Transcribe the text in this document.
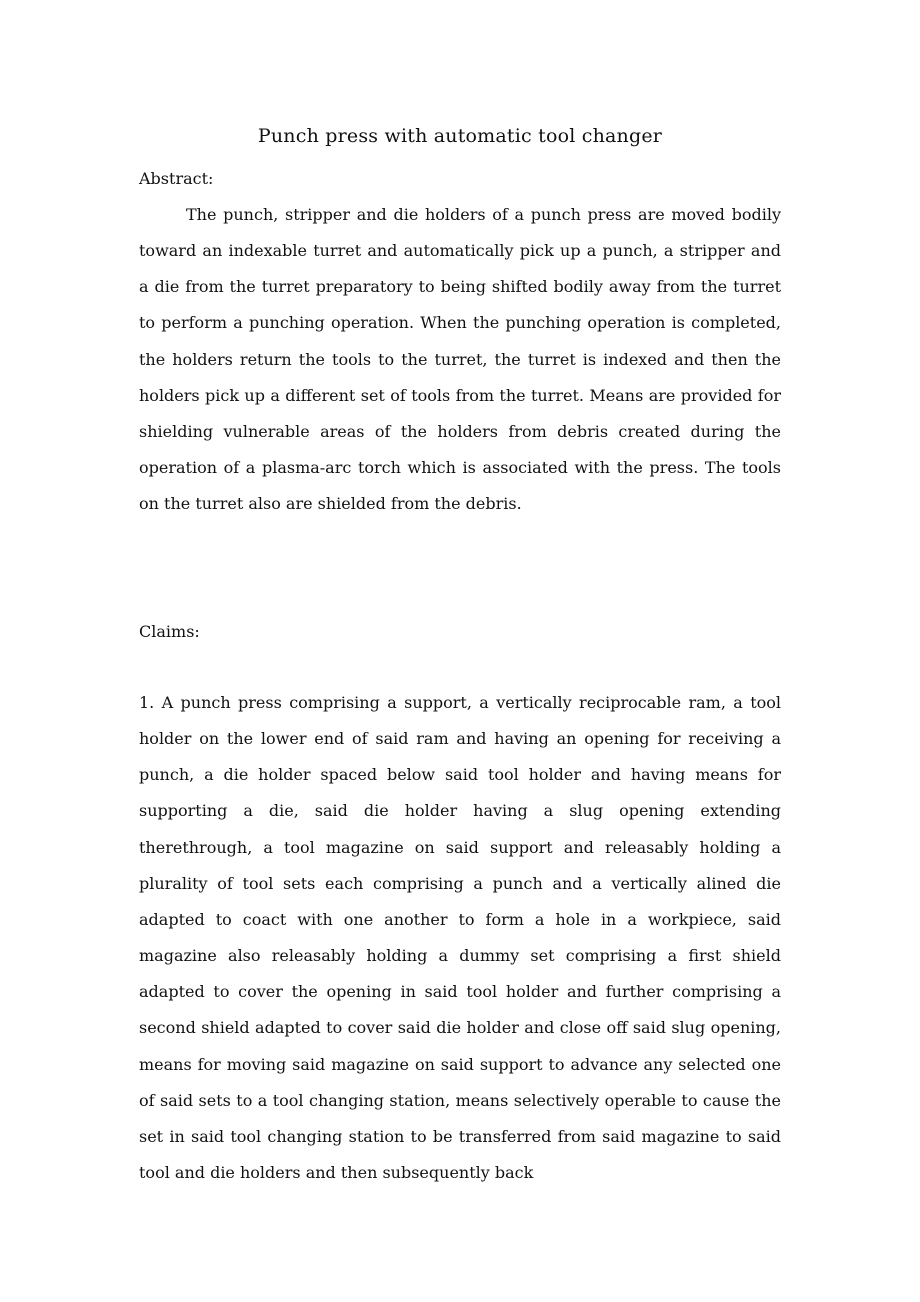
Punch press with automatic tool changer
Abstract:
The punch, stripper and die holders of a punch press are moved bodily toward an indexable turret and automatically pick up a punch, a stripper and a die from the turret preparatory to being shifted bodily away from the turret to perform a punching operation. When the punching operation is completed, the holders return the tools to the turret, the turret is indexed and then the holders pick up a different set of tools from the turret. Means are provided for shielding vulnerable areas of the holders from debris created during the operation of a plasma-arc torch which is associated with the press. The tools on the turret also are shielded from the debris.
Claims:
1. A punch press comprising a support, a vertically reciprocable ram, a tool holder on the lower end of said ram and having an opening for receiving a punch, a die holder spaced below said tool holder and having means for supporting a die, said die holder having a slug opening extending therethrough, a tool magazine on said support and releasably holding a plurality of tool sets each comprising a punch and a vertically alined die adapted to coact with one another to form a hole in a workpiece, said magazine also releasably holding a dummy set comprising a first shield adapted to cover the opening in said tool holder and further comprising a second shield adapted to cover said die holder and close off said slug opening, means for moving said magazine on said support to advance any selected one of said sets to a tool changing station, means selectively operable to cause the set in said tool changing station to be transferred from said magazine to said tool and die holders and then subsequently back
